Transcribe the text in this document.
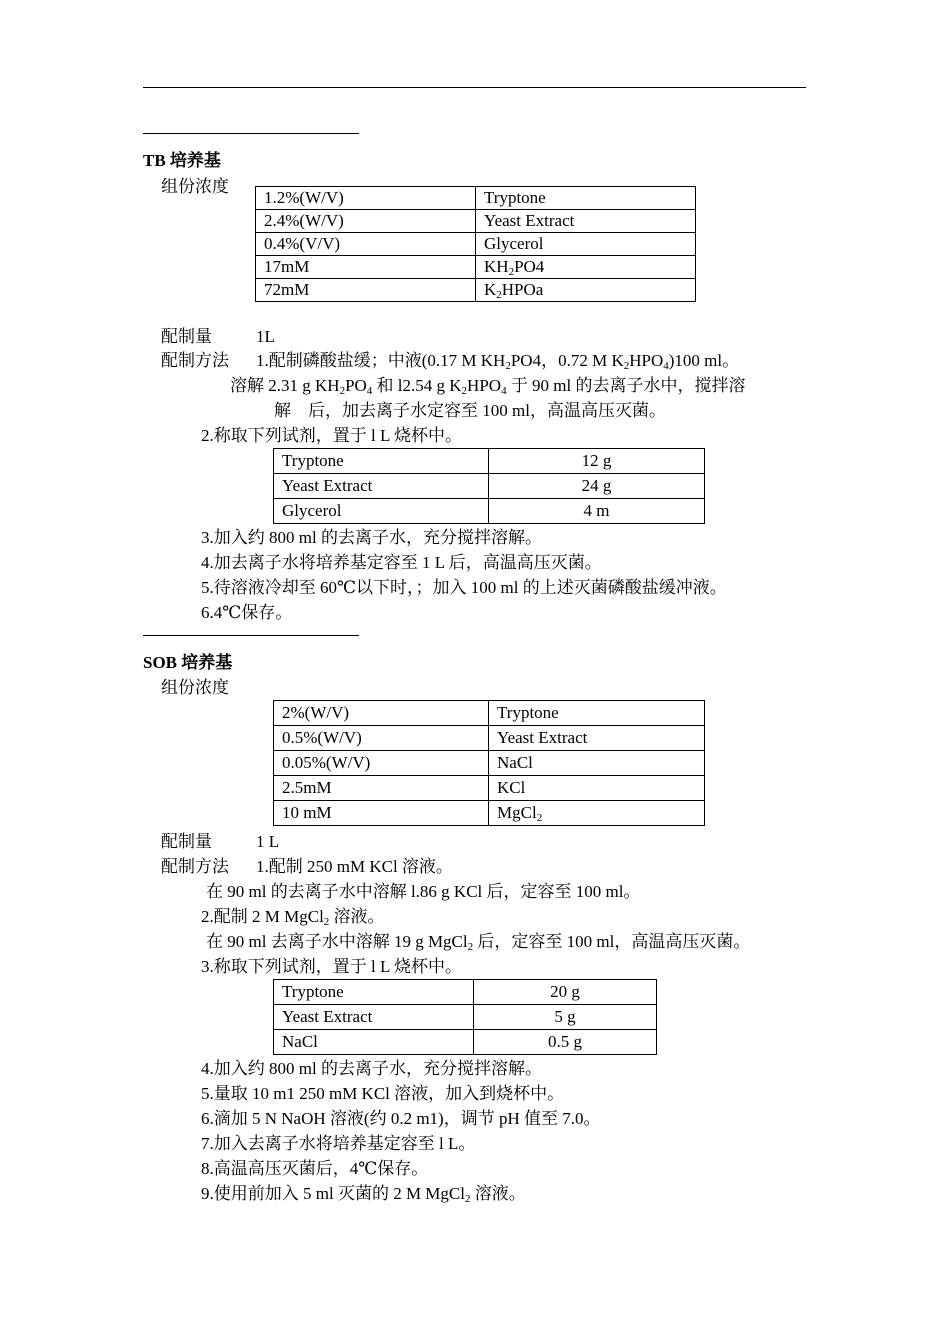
TB 培养基
组份浓度
1.2%(W/V)	Tryptone
2.4%(W/V)	Yeast Extract
0.4%(V/V)	Glycerol
17mM	$KH_2PO4$
72mM	$K_2HPOa$
配制量	1L
配制方法 1.配制磷酸盐缓；中液(0.17 M $KH_2PO4$，0.72 M $K_2HPO_4)100$ ml。
溶解 2.31 g $KH_2PO_4$ 和 l2.54 g $K_2HPO_4$ 于 90 ml 的去离子水中，搅拌溶
解　后，加去离子水定容至 100 ml，高温高压灭菌。
2.称取下列试剂，置于 l L 烧杯中。
Tryptone	12 g
Yeast Extract	24 g
Glycerol	4 m
3.加入约 800 ml 的去离子水，充分搅拌溶解。
4.加去离子水将培养基定容至 1 L 后，高温高压灭菌。
5.待溶液冷却至 60℃以下时，；加入 100 ml 的上述灭菌磷酸盐缓冲液。
6.4℃保存。
SOB 培养基
组份浓度
2%(W/V)	Tryptone
0.5%(W/V)	Yeast Extract
0.05%(W/V)	NaCl
2.5mM	KCl
10 mM	MgCl$_2$
配制量	1 L
配制方法 1.配制 250 mM KCl 溶液。
在 90 ml 的去离子水中溶解 l.86 g KCl 后，定容至 100 ml。
2.配制 2 M MgCl$_2$ 溶液。
在 90 ml 去离子水中溶解 19 g MgCl$_2$ 后，定容至 100 ml，高温高压灭菌。
3.称取下列试剂，置于 l L 烧杯中。
Tryptone	20 g
Yeast Extract	5 g
NaCl	0.5 g
4.加入约 800 ml 的去离子水，充分搅拌溶解。
5.量取 10 m1 250 mM KCl 溶液，加入到烧杯中。
6.滴加 5 N NaOH 溶液(约 0.2 m1)，调节 pH 值至 7.0。
7.加入去离子水将培养基定容至 l L。
8.高温高压灭菌后，4℃保存。
9.使用前加入 5 ml 灭菌的 2 M MgCl$_2$ 溶液。
